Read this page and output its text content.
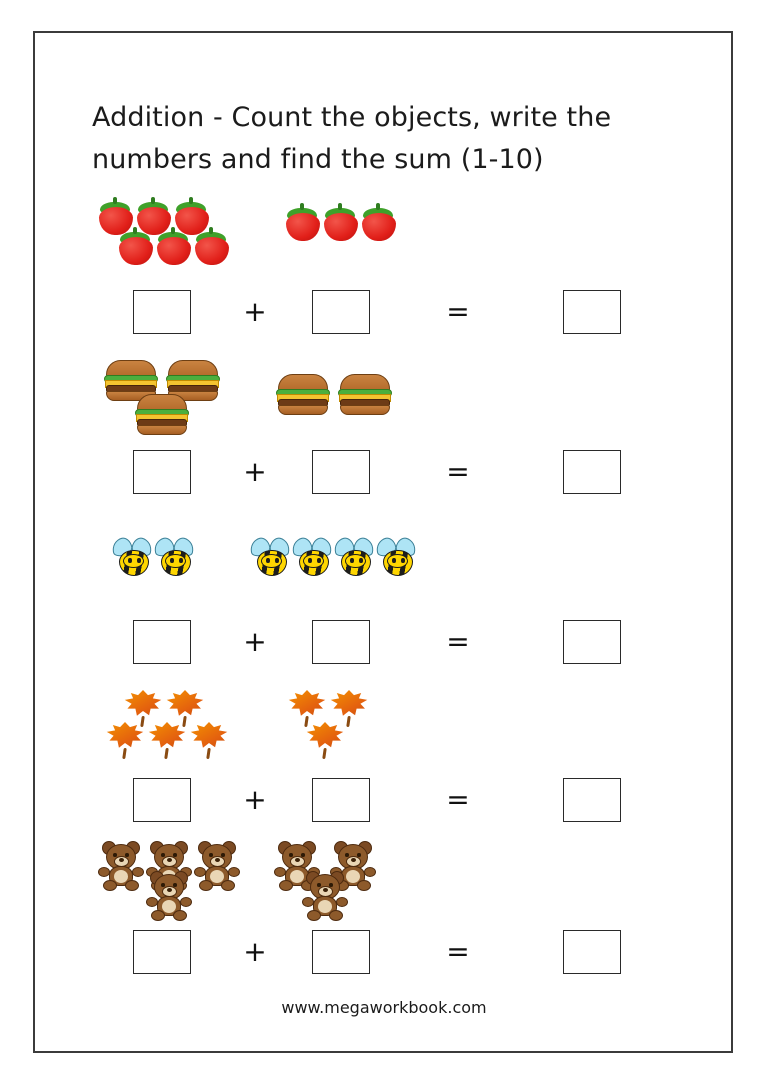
Addition - Count the objects, write the numbers and find the sum (1-10)
+	=
+	=
+	=
+	=
+	=
www.megaworkbook.com
